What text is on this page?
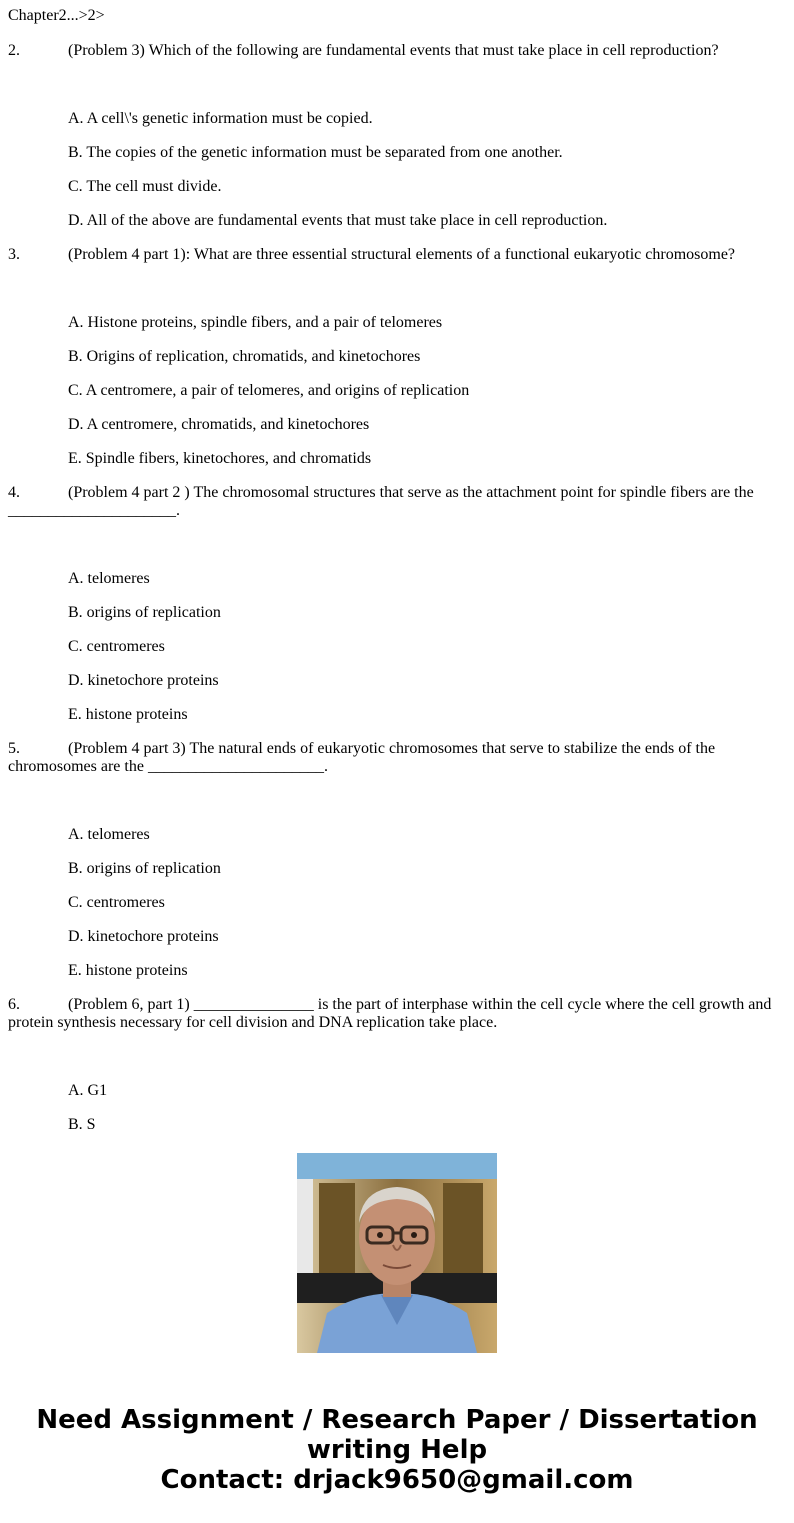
Chapter2...>2>
2.	(Problem 3) Which of the following are fundamental events that must take place in cell reproduction?
A. A cell\'s genetic information must be copied.
B. The copies of the genetic information must be separated from one another.
C. The cell must divide.
D. All of the above are fundamental events that must take place in cell reproduction.
3.	(Problem 4 part 1): What are three essential structural elements of a functional eukaryotic chromosome?
A. Histone proteins, spindle fibers, and a pair of telomeres
B. Origins of replication, chromatids, and kinetochores
C. A centromere, a pair of telomeres, and origins of replication
D. A centromere, chromatids, and kinetochores
E. Spindle fibers, kinetochores, and chromatids
4.	(Problem 4 part 2 ) The chromosomal structures that serve as the attachment point for spindle fibers are the _____________________.
A. telomeres
B. origins of replication
C. centromeres
D. kinetochore proteins
E. histone proteins
5.	(Problem 4 part 3) The natural ends of eukaryotic chromosomes that serve to stabilize the ends of the chromosomes are the ______________________.
A. telomeres
B. origins of replication
C. centromeres
D. kinetochore proteins
E. histone proteins
6.	(Problem 6, part 1) _______________ is the part of interphase within the cell cycle where the cell growth and protein synthesis necessary for cell division and DNA replication take place.
A. G1
B. S
Need Assignment / Research Paper / Dissertation
writing Help
Contact: drjack9650@gmail.com
